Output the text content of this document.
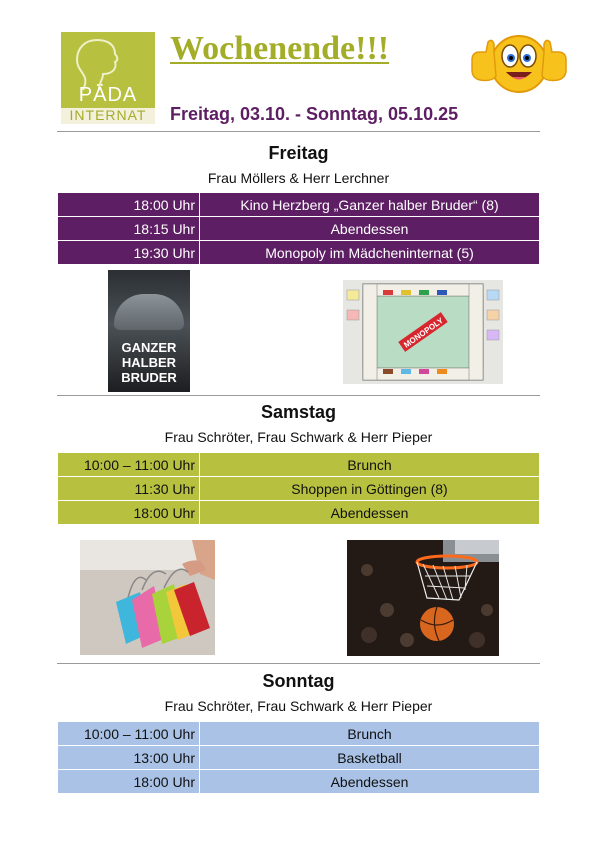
PÄDA
INTERNAT
Wochenende!!!
Freitag, 03.10. - Sonntag, 05.10.25
Freitag
Frau Möllers & Herr Lerchner
18:00 Uhr	Kino Herzberg „Ganzer halber Bruder“ (8)
18:15 Uhr	Abendessen
19:30 Uhr	Monopoly im Mädcheninternat (5)
GANZER
HALBER
BRUDER
MONOPOLY
Samstag
Frau Schröter, Frau Schwark & Herr Pieper
10:00 – 11:00 Uhr	Brunch
11:30 Uhr	Shoppen in Göttingen (8)
18:00 Uhr	Abendessen
Sonntag
Frau Schröter, Frau Schwark & Herr Pieper
10:00 – 11:00 Uhr	Brunch
13:00 Uhr	Basketball
18:00 Uhr	Abendessen
